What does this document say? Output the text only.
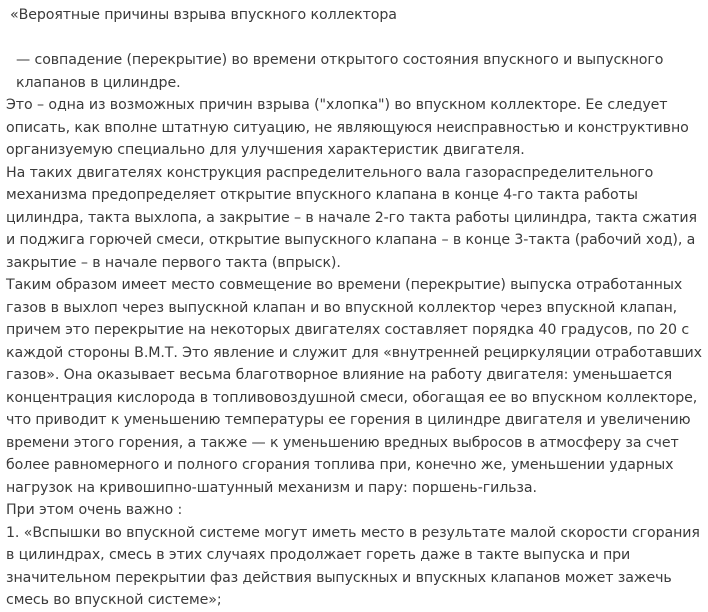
«Вероятные причины взрыва впускного коллектора

— совпадение (перекрытие) во времени открытого состояния впускного и выпускного клапанов в цилиндре.

Это – одна из возможных причин взрыва ("хлопка") во впускном коллекторе. Ее следует описать, как вполне штатную ситуацию, не являющуюся неисправностью и конструктивно организуемую специально для улучшения характеристик двигателя.

На таких двигателях конструкция распределительного вала газораспределительного механизма предопределяет открытие впускного клапана в конце 4-го такта работы цилиндра, такта выхлопа, а закрытие – в начале 2-го такта работы цилиндра, такта сжатия и поджига горючей смеси, открытие выпускного клапана – в конце 3-такта (рабочий ход), а закрытие – в начале первого такта (впрыск).

Таким образом имеет место совмещение во времени (перекрытие) выпуска отработанных газов в выхлоп через выпускной клапан и во впускной коллектор через впускной клапан, причем это перекрытие на некоторых двигателях составляет порядка 40 градусов, по 20 с каждой стороны В.М.Т. Это явление и служит для «внутренней рециркуляции отработавших газов». Она оказывает весьма благотворное влияние на работу двигателя: уменьшается концентрация кислорода в топливовоздушной смеси, обогащая ее во впускном коллекторе, что приводит к уменьшению температуры ее горения в цилиндре двигателя и увеличению времени этого горения, а также — к уменьшению вредных выбросов в атмосферу за счет более равномерного и полного сгорания топлива при, конечно же, уменьшении ударных нагрузок на кривошипно-шатунный механизм и пару: поршень-гильза.

При этом очень важно :

1. «Вспышки во впускной системе могут иметь место в результате малой скорости сгорания в цилиндрах, смесь в этих случаях продолжает гореть даже в такте выпуска и при значительном перекрытии фаз действия выпускных и впускных клапанов может зажечь смесь во впускной системе»;
